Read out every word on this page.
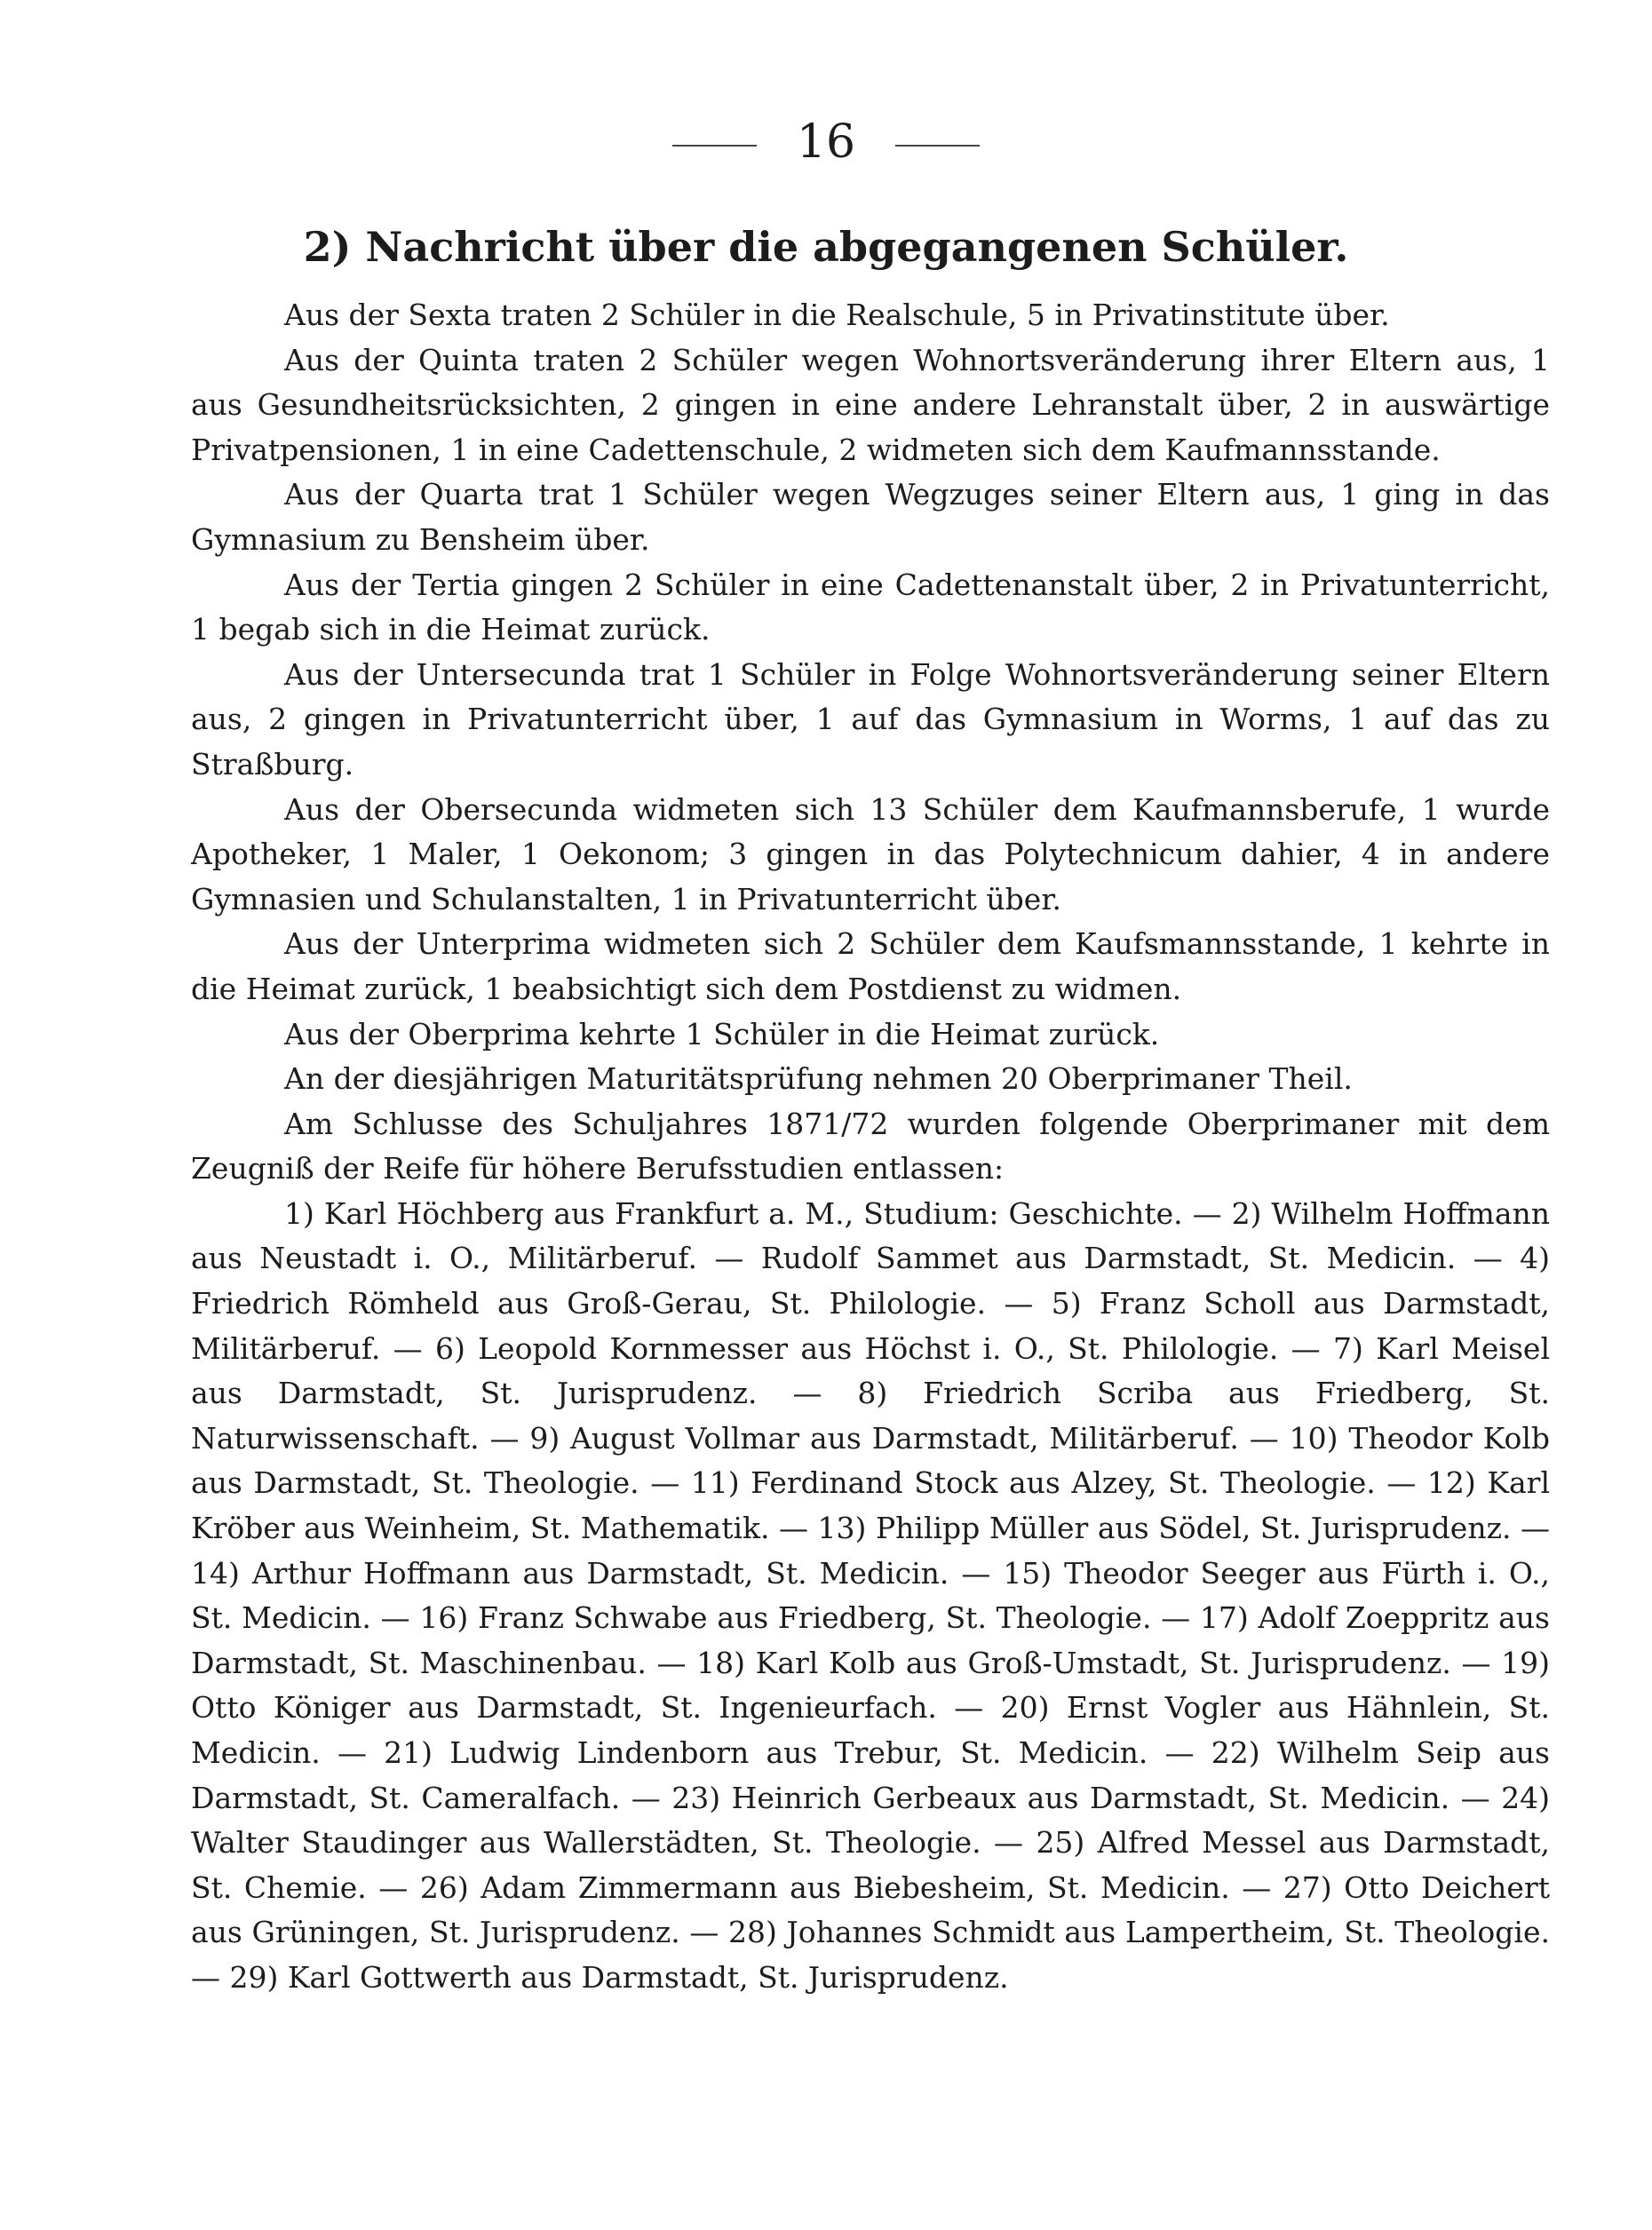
16
2) Nachricht über die abgegangenen Schüler.

Aus der Sexta traten 2 Schüler in die Realschule, 5 in Privatinstitute über.

Aus der Quinta traten 2 Schüler wegen Wohnortsveränderung ihrer Eltern aus, 1 aus Gesundheitsrücksichten, 2 gingen in eine andere Lehranstalt über, 2 in auswärtige Privatpensionen, 1 in eine Cadettenschule, 2 widmeten sich dem Kaufmannsstande.

Aus der Quarta trat 1 Schüler wegen Wegzuges seiner Eltern aus, 1 ging in das Gymnasium zu Bensheim über.

Aus der Tertia gingen 2 Schüler in eine Cadettenanstalt über, 2 in Privatunterricht, 1 begab sich in die Heimat zurück.

Aus der Untersecunda trat 1 Schüler in Folge Wohnortsveränderung seiner Eltern aus, 2 gingen in Privatunterricht über, 1 auf das Gymnasium in Worms, 1 auf das zu Straßburg.

Aus der Obersecunda widmeten sich 13 Schüler dem Kaufmannsberufe, 1 wurde Apotheker, 1 Maler, 1 Oekonom; 3 gingen in das Polytechnicum dahier, 4 in andere Gymnasien und Schulanstalten, 1 in Privatunterricht über.

Aus der Unterprima widmeten sich 2 Schüler dem Kaufsmannsstande, 1 kehrte in die Heimat zurück, 1 beabsichtigt sich dem Postdienst zu widmen.

Aus der Oberprima kehrte 1 Schüler in die Heimat zurück.

An der diesjährigen Maturitätsprüfung nehmen 20 Oberprimaner Theil.

Am Schlusse des Schuljahres 1871/72 wurden folgende Oberprimaner mit dem Zeugniß der Reife für höhere Berufsstudien entlassen:

1) Karl Höchberg aus Frankfurt a. M., Studium: Geschichte. — 2) Wilhelm Hoffmann aus Neustadt i. O., Militärberuf. — Rudolf Sammet aus Darmstadt, St. Medicin. — 4) Friedrich Römheld aus Groß-Gerau, St. Philologie. — 5) Franz Scholl aus Darmstadt, Militärberuf. — 6) Leopold Kornmesser aus Höchst i. O., St. Philologie. — 7) Karl Meisel aus Darmstadt, St. Jurisprudenz. — 8) Friedrich Scriba aus Friedberg, St. Naturwissenschaft. — 9) August Vollmar aus Darmstadt, Militärberuf. — 10) Theodor Kolb aus Darmstadt, St. Theologie. — 11) Ferdinand Stock aus Alzey, St. Theologie. — 12) Karl Kröber aus Weinheim, St. Mathematik. — 13) Philipp Müller aus Södel, St. Jurisprudenz. — 14) Arthur Hoffmann aus Darmstadt, St. Medicin. — 15) Theodor Seeger aus Fürth i. O., St. Medicin. — 16) Franz Schwabe aus Friedberg, St. Theologie. — 17) Adolf Zoeppritz aus Darmstadt, St. Maschinenbau. — 18) Karl Kolb aus Groß-Umstadt, St. Jurisprudenz. — 19) Otto Königer aus Darmstadt, St. Ingenieurfach. — 20) Ernst Vogler aus Hähnlein, St. Medicin. — 21) Ludwig Lindenborn aus Trebur, St. Medicin. — 22) Wilhelm Seip aus Darmstadt, St. Cameralfach. — 23) Heinrich Gerbeaux aus Darmstadt, St. Medicin. — 24) Walter Staudinger aus Wallerstädten, St. Theologie. — 25) Alfred Messel aus Darmstadt, St. Chemie. — 26) Adam Zimmermann aus Biebesheim, St. Medicin. — 27) Otto Deichert aus Grüningen, St. Jurisprudenz. — 28) Johannes Schmidt aus Lampertheim, St. Theologie. — 29) Karl Gottwerth aus Darmstadt, St. Jurisprudenz.
